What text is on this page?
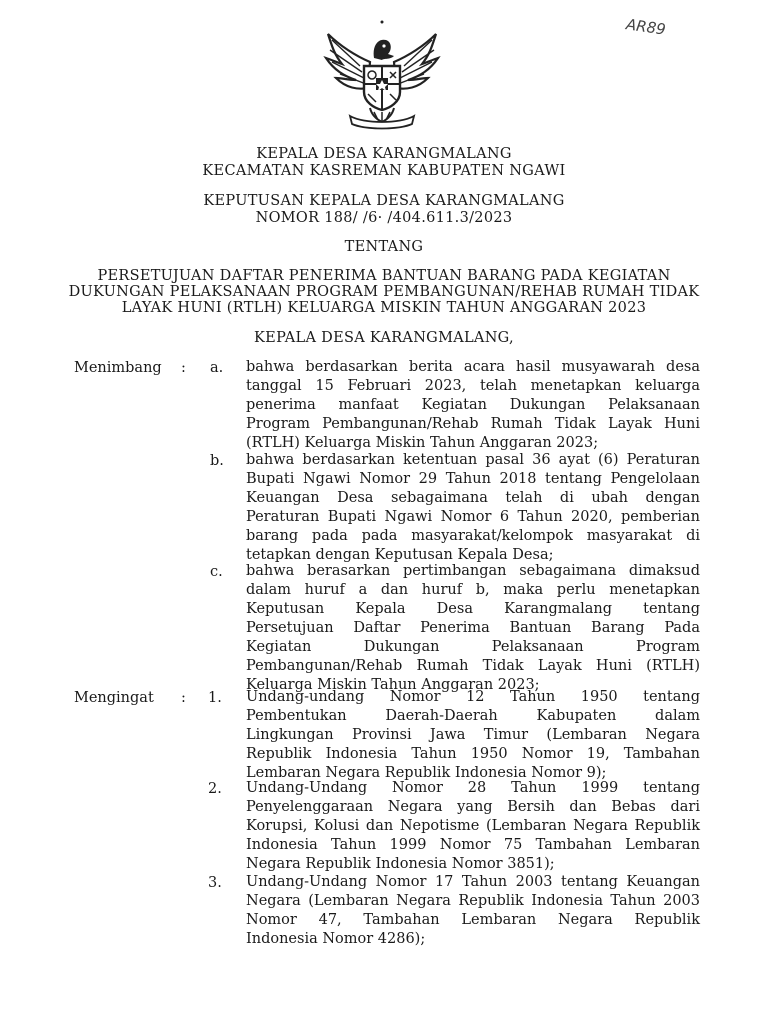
AR89
KEPALA DESA KARANGMALANG
KECAMATAN KASREMAN KABUPATEN NGAWI
KEPUTUSAN KEPALA DESA KARANGMALANG
NOMOR 188/ /6· /404.611.3/2023
TENTANG
PERSETUJUAN DAFTAR PENERIMA BANTUAN BARANG PADA KEGIATAN
DUKUNGAN PELAKSANAAN PROGRAM PEMBANGUNAN/REHAB RUMAH TIDAK
LAYAK HUNI (RTLH) KELUARGA MISKIN TAHUN ANGGARAN 2023
KEPALA DESA KARANGMALANG,
Menimbang : a. bahwa berdasarkan berita acara hasil musyawarah desa
tanggal 15 Februari 2023, telah menetapkan keluarga
penerima manfaat Kegiatan Dukungan Pelaksanaan
Program Pembangunan/Rehab Rumah Tidak Layak Huni
(RTLH) Keluarga Miskin Tahun Anggaran 2023;
b. bahwa berdasarkan ketentuan pasal 36 ayat (6) Peraturan
Bupati Ngawi Nomor 29 Tahun 2018 tentang Pengelolaan
Keuangan Desa sebagaimana telah di ubah dengan
Peraturan Bupati Ngawi Nomor 6 Tahun 2020, pemberian
barang pada pada masyarakat/kelompok masyarakat di
tetapkan dengan Keputusan Kepala Desa;
c. bahwa berasarkan pertimbangan sebagaimana dimaksud
dalam huruf a dan huruf b, maka perlu menetapkan
Keputusan Kepala Desa Karangmalang tentang
Persetujuan Daftar Penerima Bantuan Barang Pada
Kegiatan Dukungan Pelaksanaan Program
Pembangunan/Rehab Rumah Tidak Layak Huni (RTLH)
Keluarga Miskin Tahun Anggaran 2023;
Mengingat : 1. Undang-undang Nomor 12 Tahun 1950 tentang
Pembentukan Daerah-Daerah Kabupaten dalam
Lingkungan Provinsi Jawa Timur (Lembaran Negara
Republik Indonesia Tahun 1950 Nomor 19, Tambahan
Lembaran Negara Republik Indonesia Nomor 9);
2. Undang-Undang Nomor 28 Tahun 1999 tentang
Penyelenggaraan Negara yang Bersih dan Bebas dari
Korupsi, Kolusi dan Nepotisme (Lembaran Negara Republik
Indonesia Tahun 1999 Nomor 75 Tambahan Lembaran
Negara Republik Indonesia Nomor 3851);
3. Undang-Undang Nomor 17 Tahun 2003 tentang Keuangan
Negara (Lembaran Negara Republik Indonesia Tahun 2003
Nomor 47, Tambahan Lembaran Negara Republik
Indonesia Nomor 4286);
